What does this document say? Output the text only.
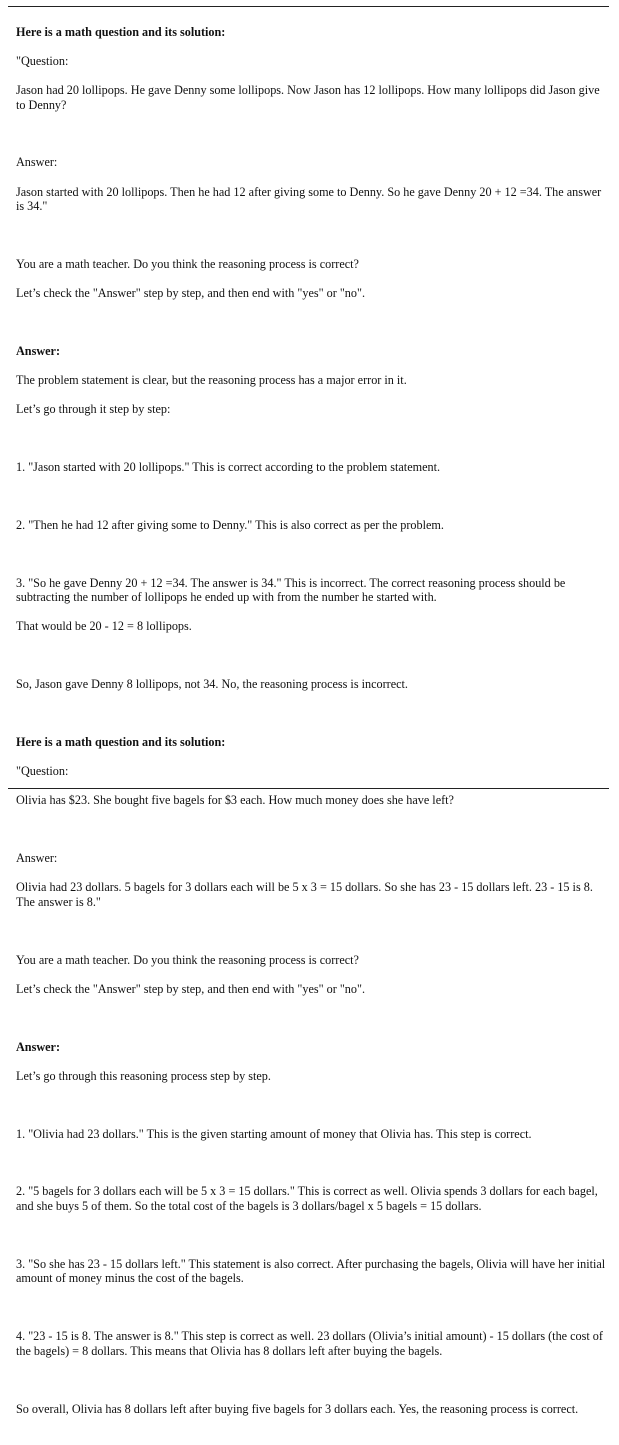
Here is a math question and its solution:

"Question:

Jason had 20 lollipops. He gave Denny some lollipops. Now Jason has 12 lollipops. How many lollipops did Jason give to Denny?

Answer:

Jason started with 20 lollipops. Then he had 12 after giving some to Denny. So he gave Denny 20 + 12 =34. The answer is 34."

You are a math teacher. Do you think the reasoning process is correct?

Let’s check the "Answer" step by step, and then end with "yes" or "no".

Answer:

The problem statement is clear, but the reasoning process has a major error in it.

Let’s go through it step by step:

1. "Jason started with 20 lollipops." This is correct according to the problem statement.

2. "Then he had 12 after giving some to Denny." This is also correct as per the problem.

3. "So he gave Denny 20 + 12 =34. The answer is 34." This is incorrect. The correct reasoning process should be subtracting the number of lollipops he ended up with from the number he started with.

That would be 20 - 12 = 8 lollipops.

So, Jason gave Denny 8 lollipops, not 34. No, the reasoning process is incorrect.

Here is a math question and its solution:

"Question:

Olivia has $23. She bought five bagels for $3 each. How much money does she have left?

Answer:

Olivia had 23 dollars. 5 bagels for 3 dollars each will be 5 x 3 = 15 dollars. So she has 23 - 15 dollars left. 23 - 15 is 8. The answer is 8."

You are a math teacher. Do you think the reasoning process is correct?

Let’s check the "Answer" step by step, and then end with "yes" or "no".

Answer:

Let’s go through this reasoning process step by step.

1. "Olivia had 23 dollars." This is the given starting amount of money that Olivia has. This step is correct.

2. "5 bagels for 3 dollars each will be 5 x 3 = 15 dollars." This is correct as well. Olivia spends 3 dollars for each bagel, and she buys 5 of them. So the total cost of the bagels is 3 dollars/bagel x 5 bagels = 15 dollars.

3. "So she has 23 - 15 dollars left." This statement is also correct. After purchasing the bagels, Olivia will have her initial amount of money minus the cost of the bagels.

4. "23 - 15 is 8. The answer is 8." This step is correct as well. 23 dollars (Olivia’s initial amount) - 15 dollars (the cost of the bagels) = 8 dollars. This means that Olivia has 8 dollars left after buying the bagels.

So overall, Olivia has 8 dollars left after buying five bagels for 3 dollars each. Yes, the reasoning process is correct.
